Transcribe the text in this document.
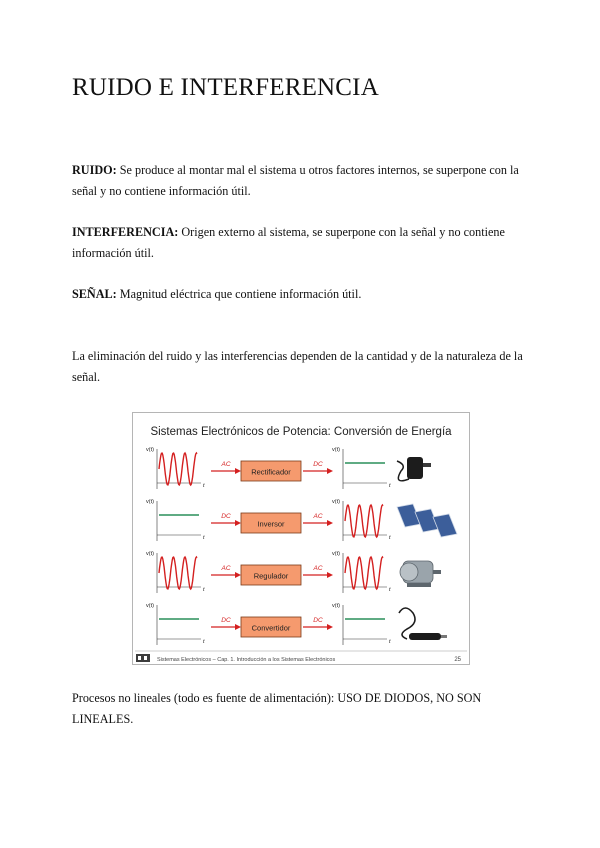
RUIDO E INTERFERENCIA

RUIDO: Se produce al montar mal el sistema u otros factores internos, se superpone con la señal y no contiene información útil.

INTERFERENCIA: Origen externo al sistema, se superpone con la señal y no contiene información útil.

SEÑAL: Magnitud eléctrica que contiene información útil.

La eliminación del ruido y las interferencias dependen de la cantidad y de la naturaleza de la señal.

Sistemas Electrónicos de Potencia: Conversión de Energía
Sistemas Electrónicos – Cap. 1. Introducción a los Sistemas Electrónicos	25
v(t)
t
AC
Rectificador
DC
v(t)
t
v(t)
t
DC
Inversor
AC
v(t)
t
v(t)
t
AC
Regulador
AC
v(t)
t
v(t)
t
DC
Convertidor
DC
v(t)
t

Procesos no lineales (todo es fuente de alimentación): USO DE DIODOS, NO SON LINEALES.
